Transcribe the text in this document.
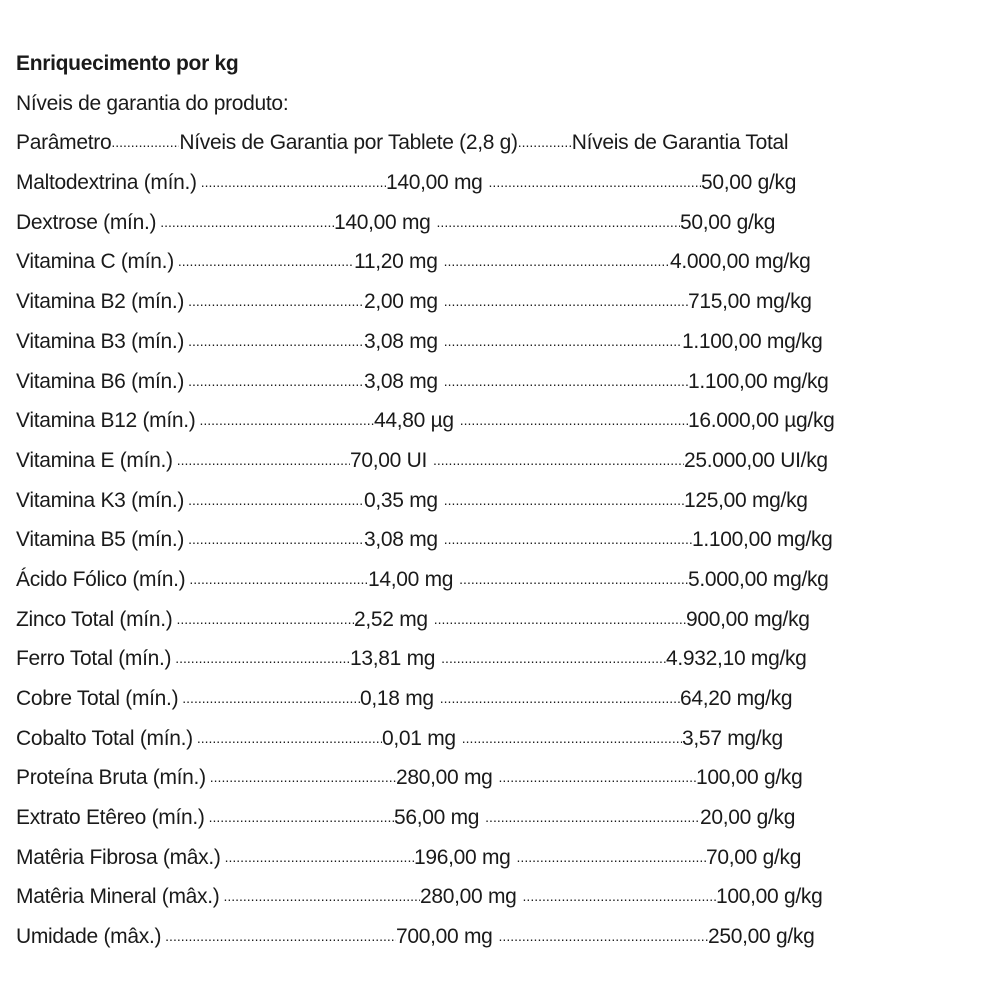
Enriquecimento por kg
Níveis de garantia do produto:
Parâmetro .....	Níveis de Garantia por Tablete (2,8 g) .....	Níveis de Garantia Total
Maltodextrina (mín.) .....	140,00 mg .....	50,00 g/kg
Dextrose (mín.) .....	140,00 mg .....	50,00 g/kg
Vitamina C (mín.) .....	11,20 mg .....	4.000,00 mg/kg
Vitamina B2 (mín.) .....	2,00 mg .....	715,00 mg/kg
Vitamina B3 (mín.) .....	3,08 mg .....	1.100,00 mg/kg
Vitamina B6 (mín.) .....	3,08 mg .....	1.100,00 mg/kg
Vitamina B12 (mín.) .....	44,80 µg .....	16.000,00 µg/kg
Vitamina E (mín.) .....	70,00 UI .....	25.000,00 UI/kg
Vitamina K3 (mín.) .....	0,35 mg .....	125,00 mg/kg
Vitamina B5 (mín.) .....	3,08 mg .....	1.100,00 mg/kg
Ácido Fólico (mín.) .....	14,00 mg .....	5.000,00 mg/kg
Zinco Total (mín.) .....	2,52 mg .....	900,00 mg/kg
Ferro Total (mín.) .....	13,81 mg .....	4.932,10 mg/kg
Cobre Total (mín.) .....	0,18 mg .....	64,20 mg/kg
Cobalto Total (mín.) .....	0,01 mg .....	3,57 mg/kg
Proteína Bruta (mín.) .....	280,00 mg .....	100,00 g/kg
Extrato Etêreo (mín.) .....	56,00 mg .....	20,00 g/kg
Matêria Fibrosa (mâx.) .....	196,00 mg .....	70,00 g/kg
Matêria Mineral (mâx.) .....	280,00 mg .....	100,00 g/kg
Umidade (mâx.) .....	700,00 mg .....	250,00 g/kg
